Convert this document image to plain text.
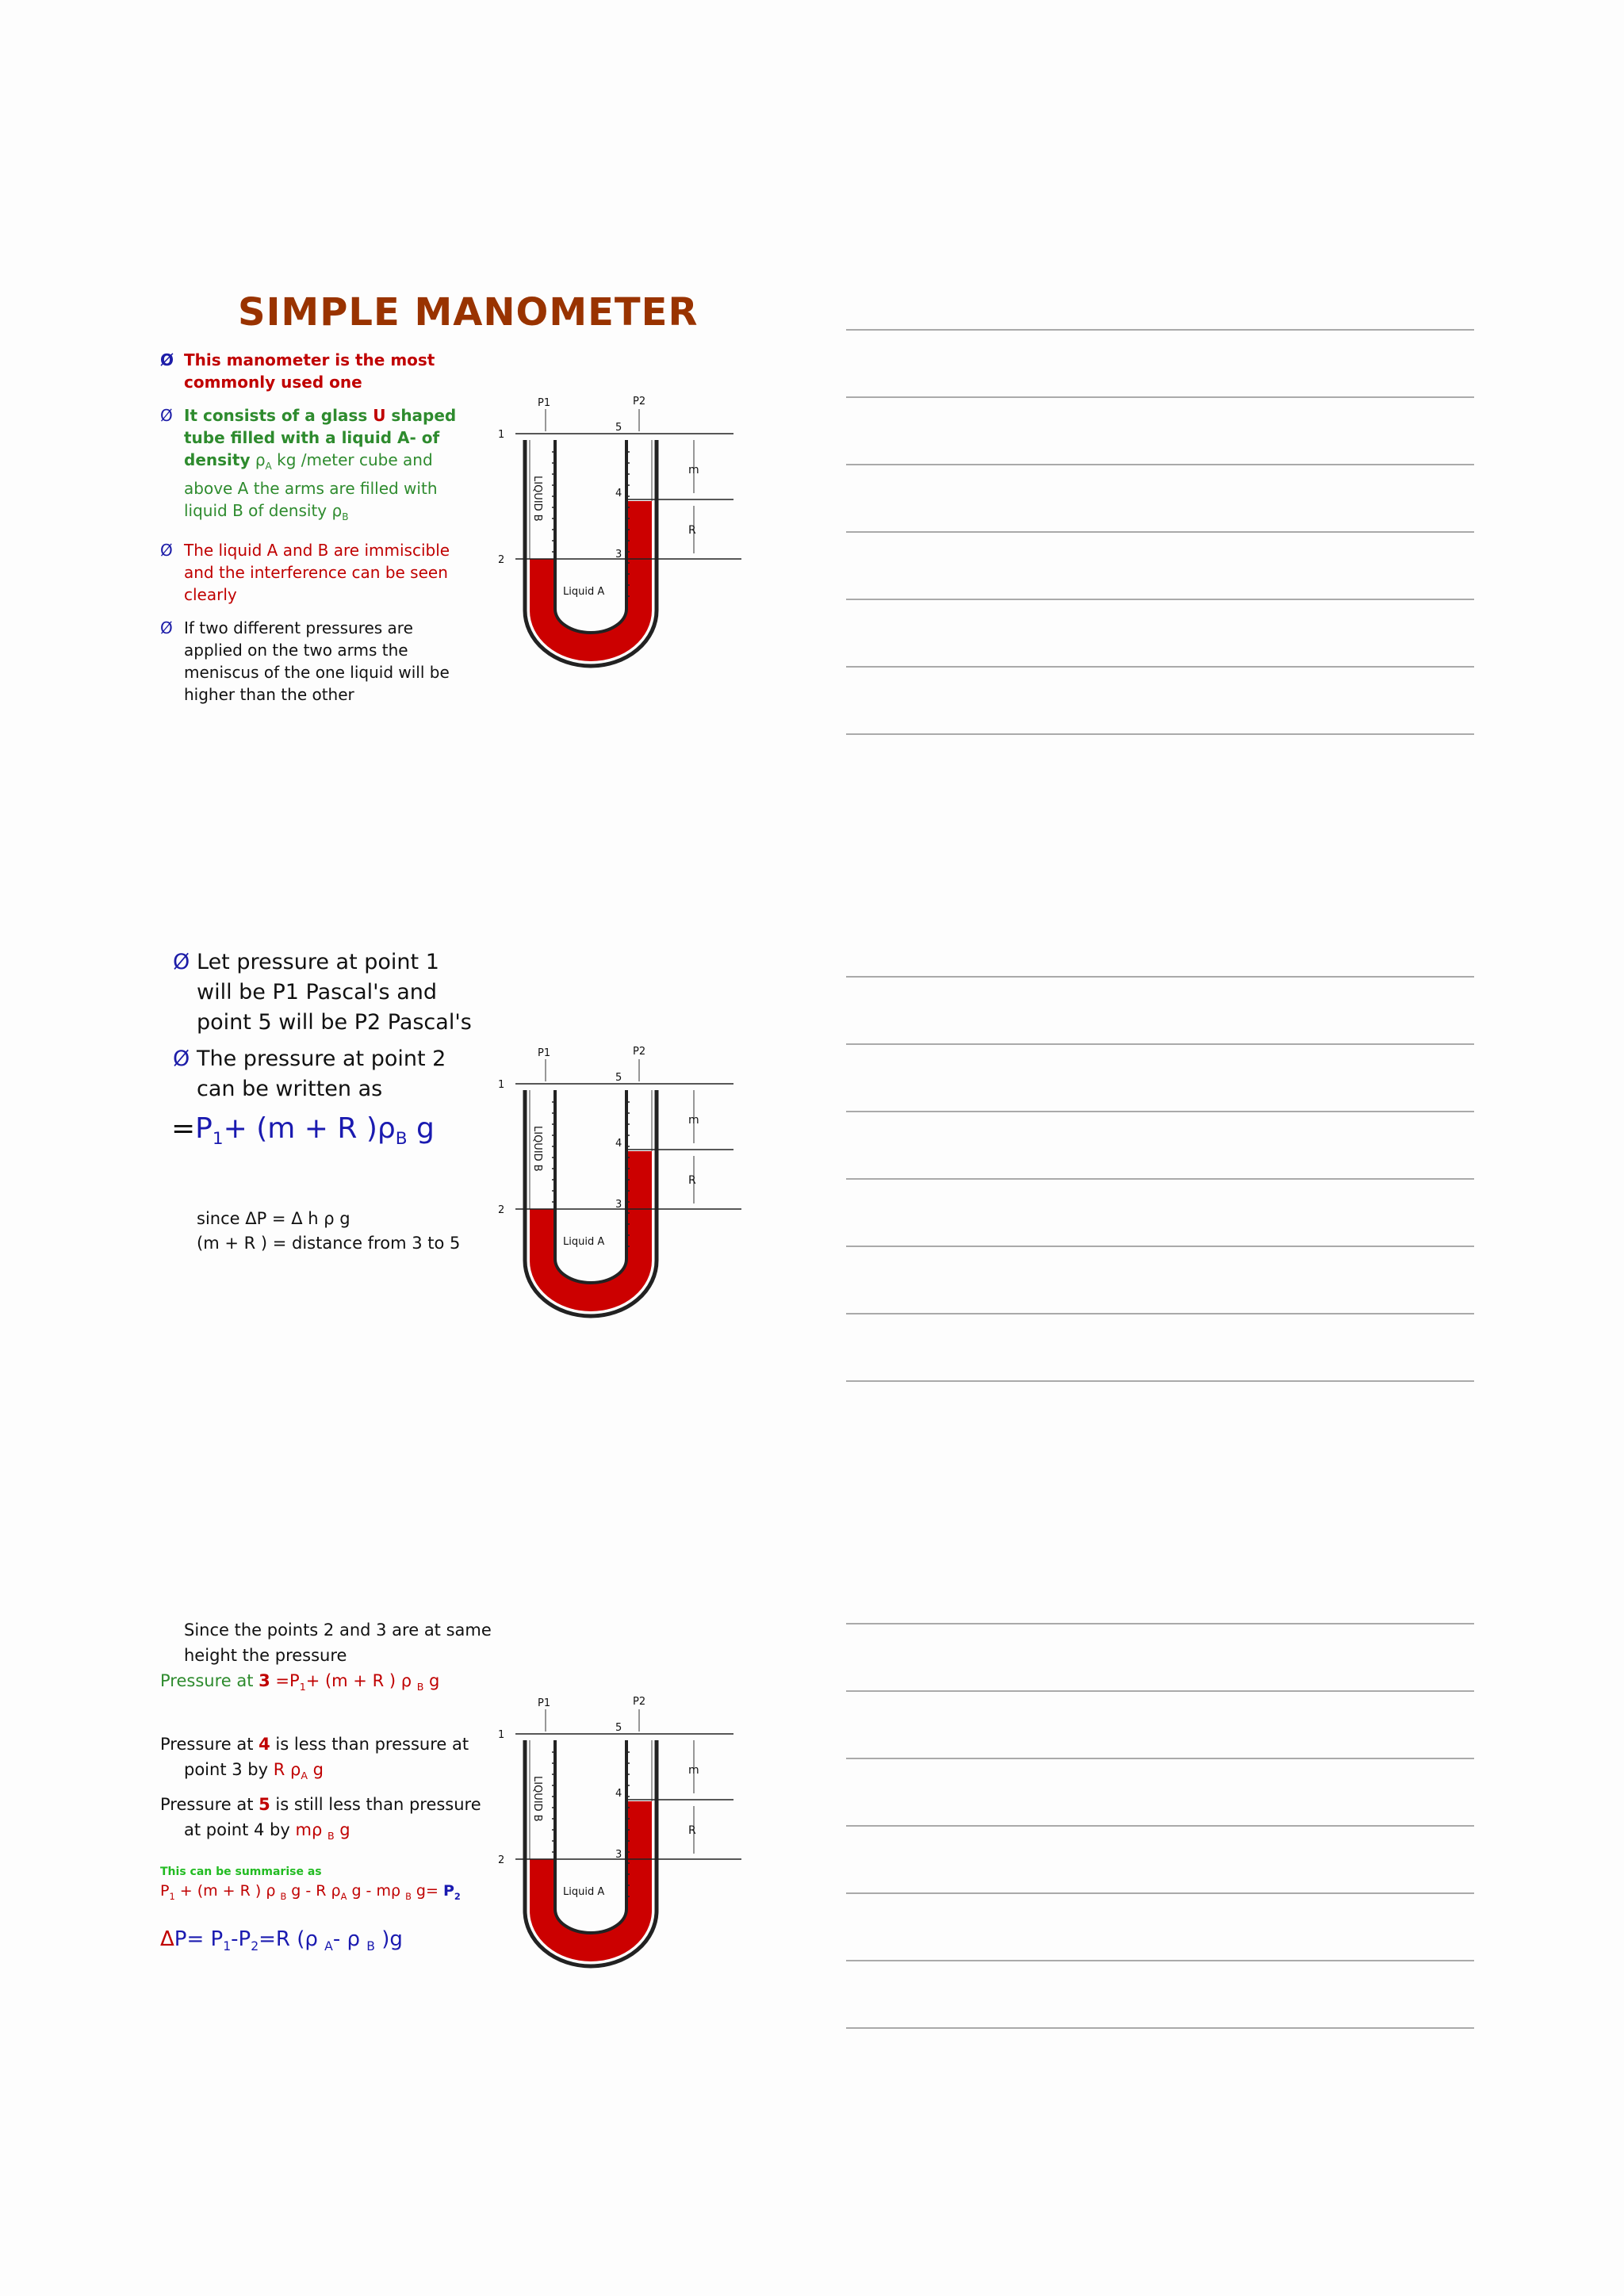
SIMPLE MANOMETER
Ø This manometer is the most commonly used one
Ø It consists of a glass U shaped tube filled with a liquid A- of density $\rho_A$ kg /meter cube and above A the arms are filled with liquid B of density $\rho_B$
Ø The liquid A and B are immiscible and the interference can be seen clearly
Ø If two different pressures are applied on the two arms the meniscus of the one liquid will be higher than the other
P1	P2
1
2	3
4
5
m
R
Liquid A
LIQUID B
Ø Let pressure at point 1 will be P1 Pascal's and point 5 will be P2 Pascal's
Ø The pressure at point 2 can be written as
$=P_1+ (m + R$ )$\rho_B$ g
since ΔP = Δ h ρ g
(m + R ) = distance from 3 to 5
P1	P2
1
2	3
4
5
m
R
Liquid A
LIQUID B
Since the points 2 and 3 are at same height the pressure
Pressure at $3 =P_1+ (m + R$ ) ρ $_B$ g
Pressure at 4 is less than pressure at point 3 by R $\rho_A$ g
Pressure at 5 is still less than pressure at point 4 by mρ $_B$ g
This can be summarise as
$P_1 + (m + R$ ) ρ $_B$ g - R $\rho_A$ g - mρ $_B$ $g= P_2$
$\Delta P= P_1-P_2=R$ (ρ $_A$- ρ $_B$ )g
P1	P2
1
2	3
4
5
m
R
Liquid A
LIQUID B
